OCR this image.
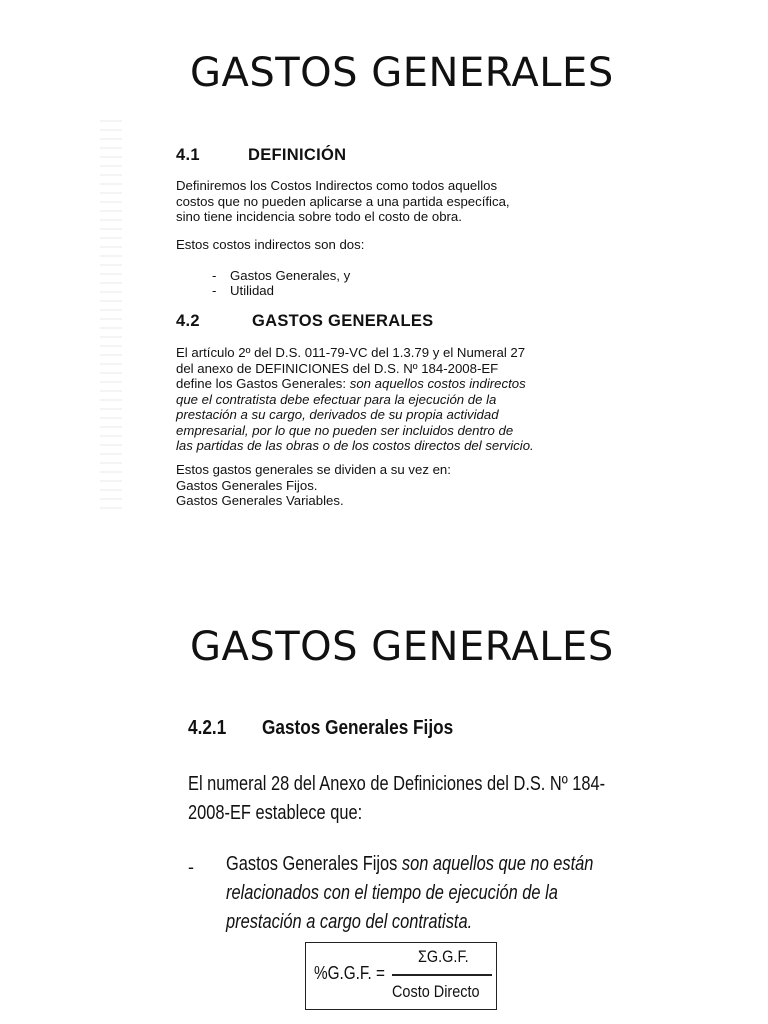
GASTOS GENERALES
4.1	DEFINICIÓN

Definiremos los Costos Indirectos como todos aquellos
costos que no pueden aplicarse a una partida específica,
sino tiene incidencia sobre todo el costo de obra.

Estos costos indirectos son dos:

- Gastos Generales, y
- Utilidad
4.2	GASTOS GENERALES

El artículo 2º del D.S. 011-79-VC del 1.3.79 y el Numeral 27
del anexo de DEFINICIONES del D.S. Nº 184-2008-EF
define los Gastos Generales: son aquellos costos indirectos
que el contratista debe efectuar para la ejecución de la
prestación a su cargo, derivados de su propia actividad
empresarial, por lo que no pueden ser incluidos dentro de
las partidas de las obras o de los costos directos del servicio.

Estos gastos generales se dividen a su vez en:
Gastos Generales Fijos.
Gastos Generales Variables.

GASTOS GENERALES
4.2.1 Gastos Generales Fijos

El numeral 28 del Anexo de Definiciones del D.S. Nº 184-
2008-EF establece que:

- Gastos Generales Fijos son aquellos que no están
relacionados con el tiempo de ejecución de la
prestación a cargo del contratista.

%G.G.F. =
ΣG.G.F.
Costo Directo
